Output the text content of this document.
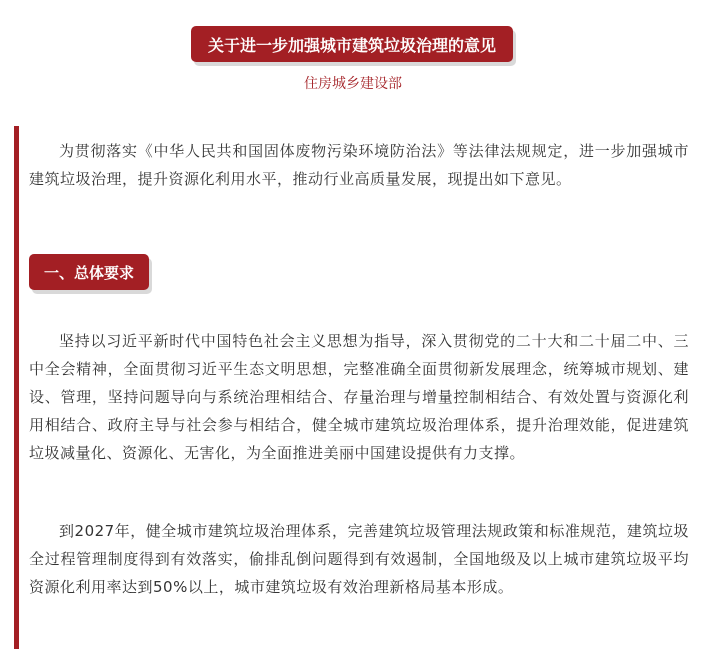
关于进一步加强城市建筑垃圾治理的意见
住房城乡建设部

为贯彻落实《中华人民共和国固体废物污染环境防治法》等法律法规规定，进一步加强城市建筑垃圾治理，提升资源化利用水平，推动行业高质量发展，现提出如下意见。

一、总体要求

坚持以习近平新时代中国特色社会主义思想为指导，深入贯彻党的二十大和二十届二中、三中全会精神，全面贯彻习近平生态文明思想，完整准确全面贯彻新发展理念，统筹城市规划、建设、管理，坚持问题导向与系统治理相结合、存量治理与增量控制相结合、有效处置与资源化利用相结合、政府主导与社会参与相结合，健全城市建筑垃圾治理体系，提升治理效能，促进建筑垃圾减量化、资源化、无害化，为全面推进美丽中国建设提供有力支撑。

到2027年，健全城市建筑垃圾治理体系，完善建筑垃圾管理法规政策和标准规范，建筑垃圾全过程管理制度得到有效落实，偷排乱倒问题得到有效遏制，全国地级及以上城市建筑垃圾平均资源化利用率达到50%以上，城市建筑垃圾有效治理新格局基本形成。
